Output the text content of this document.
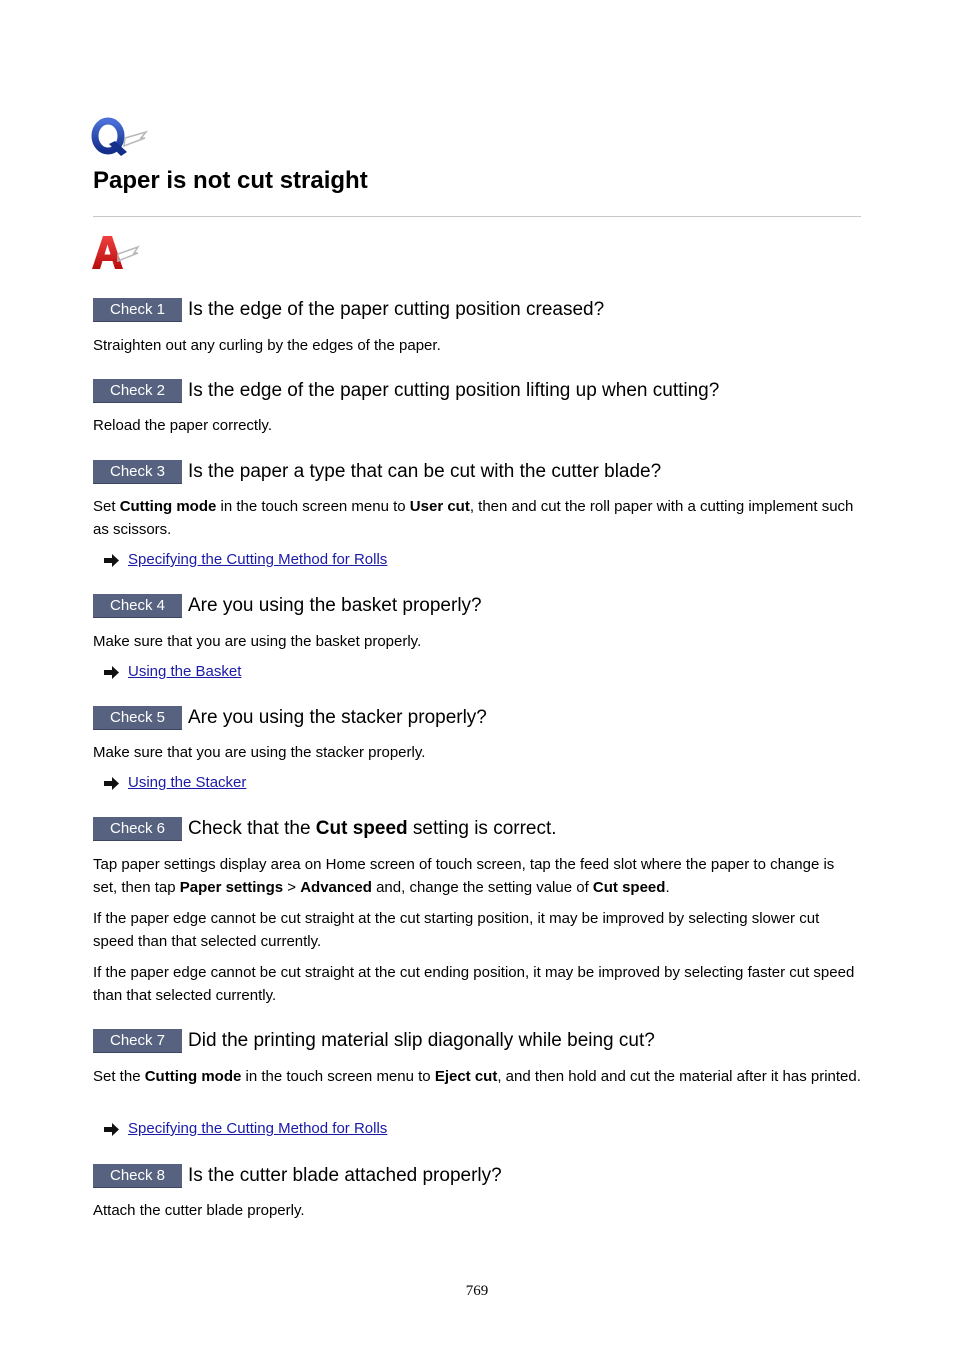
Paper is not cut straight
Check 1	Is the edge of the paper cutting position creased?

Straighten out any curling by the edges of the paper.

Check 2	Is the edge of the paper cutting position lifting up when cutting?

Reload the paper correctly.

Check 3	Is the paper a type that can be cut with the cutter blade?

Set Cutting mode in the touch screen menu to User cut, then and cut the roll paper with a cutting implement such as scissors.

Specifying the Cutting Method for Rolls
Check 4	Are you using the basket properly?

Make sure that you are using the basket properly.

Using the Basket
Check 5	Are you using the stacker properly?

Make sure that you are using the stacker properly.

Using the Stacker
Check 6	Check that the Cut speed setting is correct.

Tap paper settings display area on Home screen of touch screen, tap the feed slot where the paper to change is set, then tap Paper settings > Advanced and, change the setting value of Cut speed.

If the paper edge cannot be cut straight at the cut starting position, it may be improved by selecting slower cut speed than that selected currently.

If the paper edge cannot be cut straight at the cut ending position, it may be improved by selecting faster cut speed than that selected currently.

Check 7	Did the printing material slip diagonally while being cut?

Set the Cutting mode in the touch screen menu to Eject cut, and then hold and cut the material after it has printed.

Specifying the Cutting Method for Rolls
Check 8	Is the cutter blade attached properly?

Attach the cutter blade properly.

769
